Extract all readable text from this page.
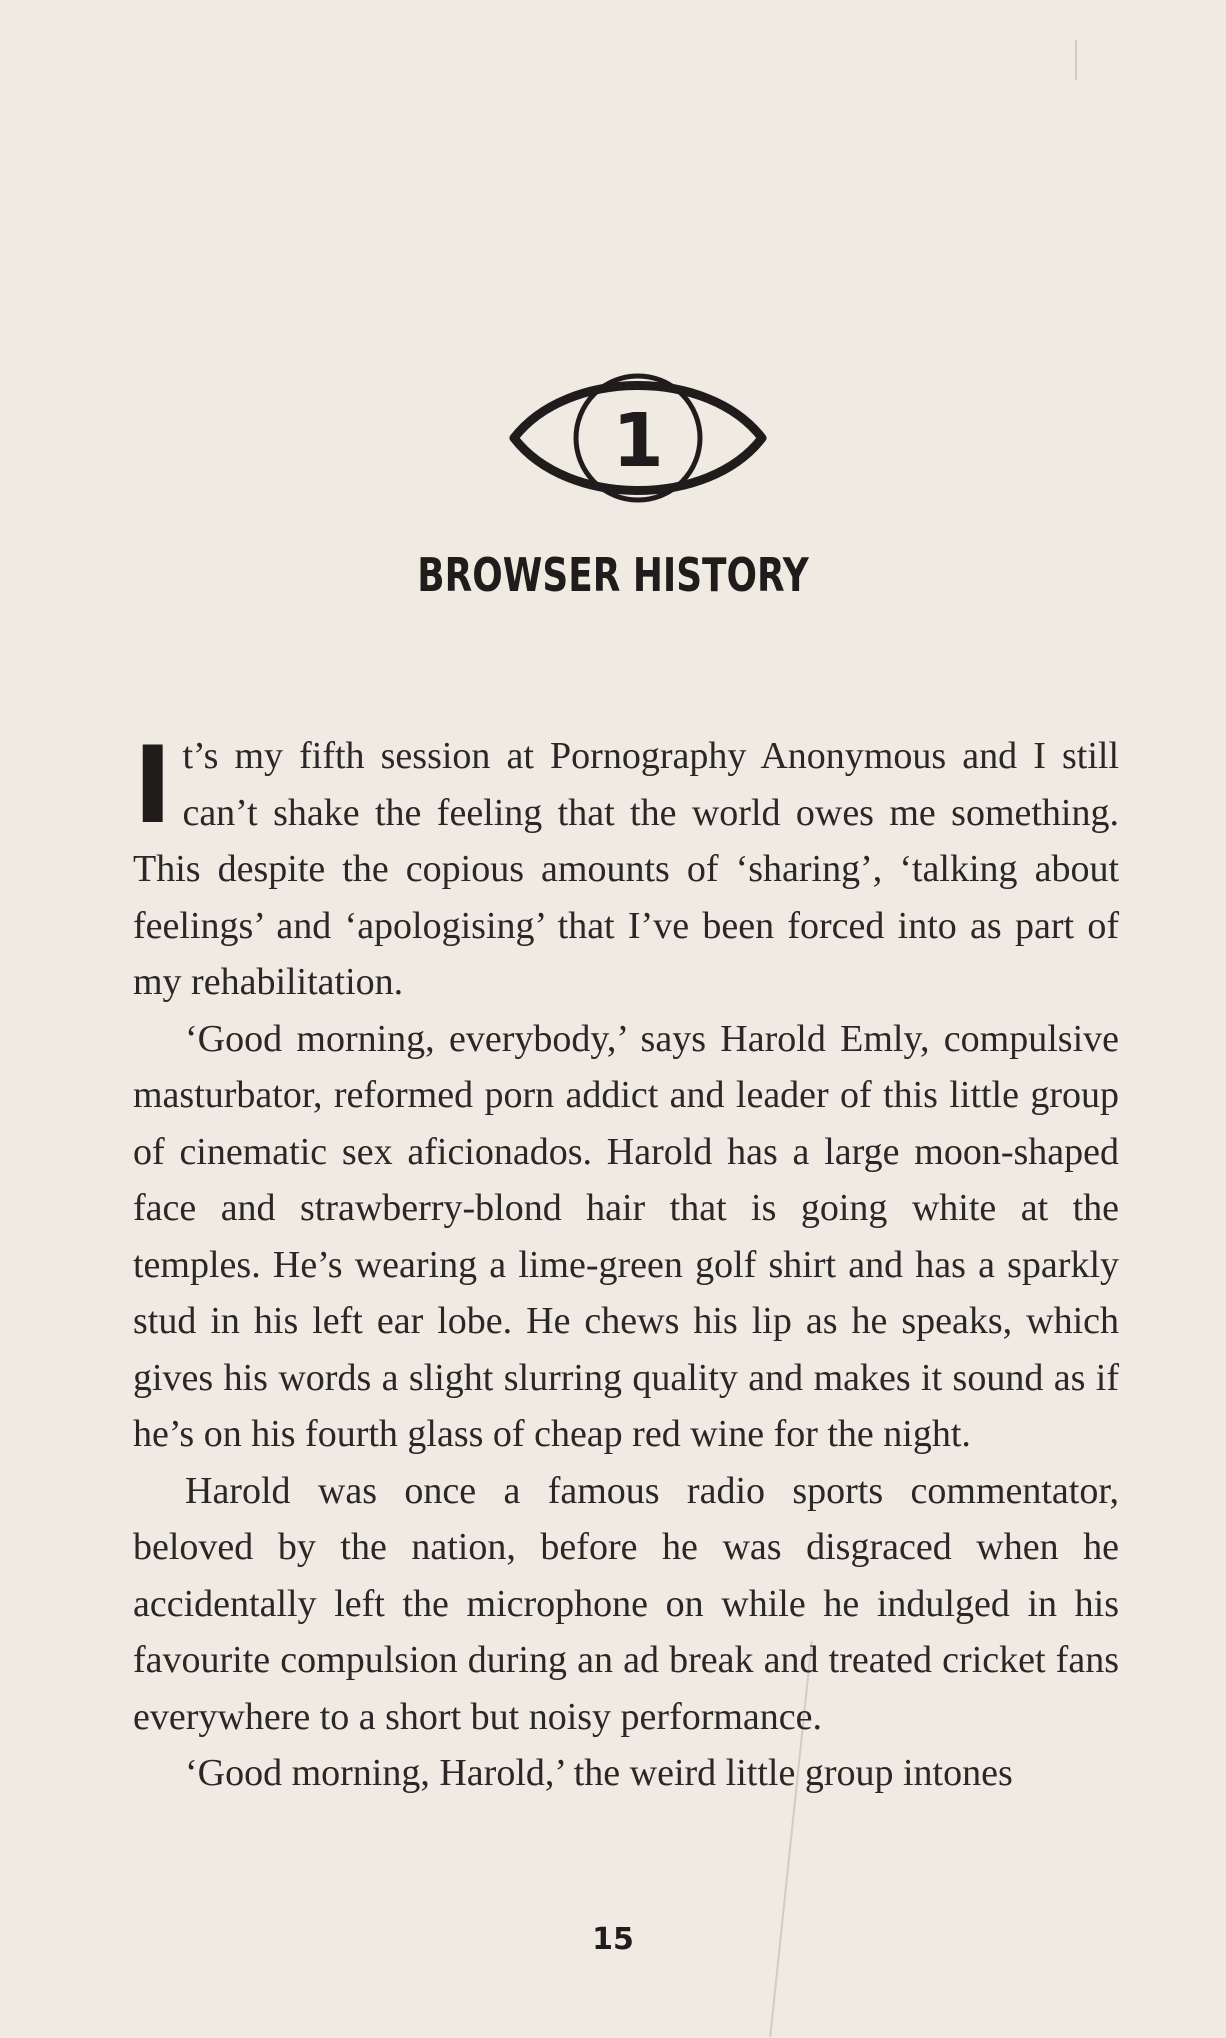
1
BROWSER HISTORY

It’s my fifth session at Pornography Anonymous and I still can’t shake the feeling that the world owes me something. This despite the copious amounts of ‘sharing’, ‘talking about feelings’ and ‘apologising’ that I’ve been forced into as part of my rehabilitation.

‘Good morning, everybody,’ says Harold Emly, compulsive masturbator, reformed porn addict and leader of this little group of cinematic sex aficionados. Harold has a large moon-shaped face and strawberry-blond hair that is going white at the temples. He’s wearing a lime-green golf shirt and has a sparkly stud in his left ear lobe. He chews his lip as he speaks, which gives his words a slight slurring quality and makes it sound as if he’s on his fourth glass of cheap red wine for the night.

Harold was once a famous radio sports commentator, beloved by the nation, before he was disgraced when he accidentally left the microphone on while he indulged in his favourite compulsion during an ad break and treated cricket fans everywhere to a short but noisy performance.

‘Good morning, Harold,’ the weird little group intones

15
